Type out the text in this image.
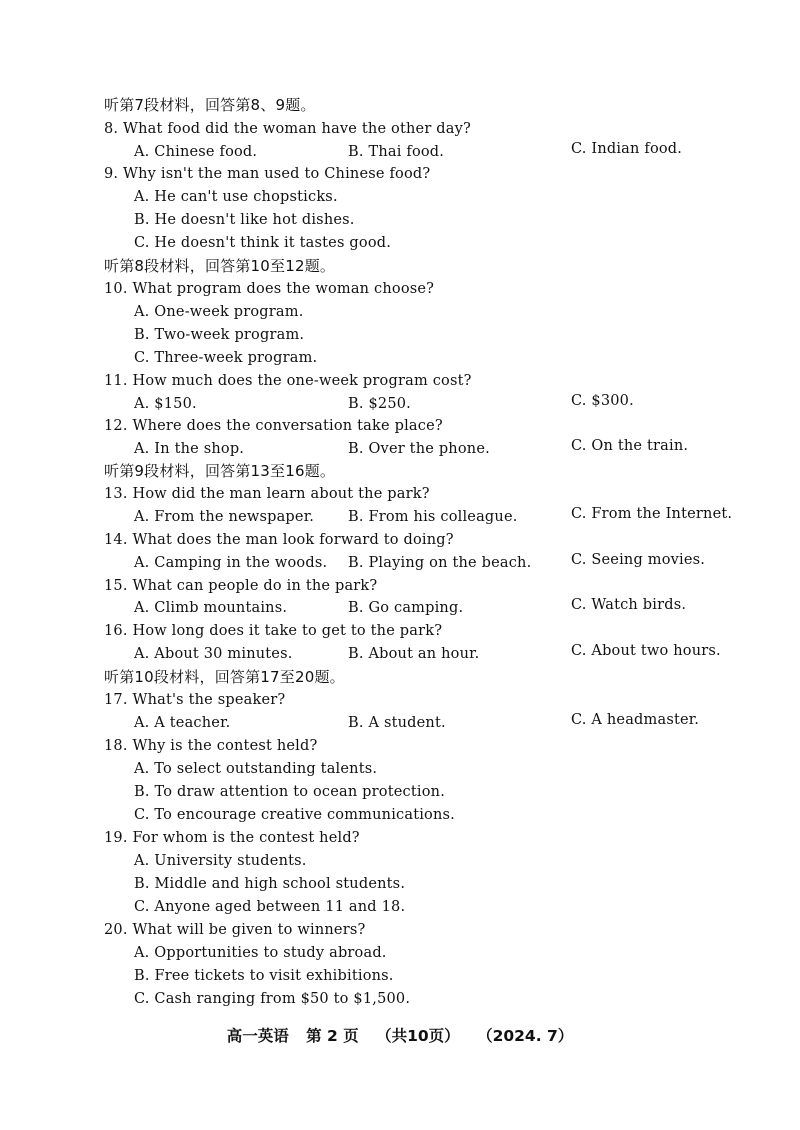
听第7段材料，回答第8、9题。
8. What food did the woman have the other day?
A. Chinese food.	B. Thai food.	C. Indian food.
9. Why isn't the man used to Chinese food?
A. He can't use chopsticks.
B. He doesn't like hot dishes.
C. He doesn't think it tastes good.
听第8段材料，回答第10至12题。
10. What program does the woman choose?
A. One-week program.
B. Two-week program.
C. Three-week program.
11. How much does the one-week program cost?
A. $150.	B. $250.	C. $300.
12. Where does the conversation take place?
A. In the shop.	B. Over the phone.	C. On the train.
听第9段材料，回答第13至16题。
13. How did the man learn about the park?
A. From the newspaper. B. From his colleague.	C. From the Internet.
14. What does the man look forward to doing?
A. Camping in the woods. B. Playing on the beach.	C. Seeing movies.
15. What can people do in the park?
A. Climb mountains.	B. Go camping.	C. Watch birds.
16. How long does it take to get to the park?
A. About 30 minutes.	B. About an hour.	C. About two hours.
听第10段材料，回答第17至20题。
17. What's the speaker?
A. A teacher.	B. A student.	C. A headmaster.
18. Why is the contest held?
A. To select outstanding talents.
B. To draw attention to ocean protection.
C. To encourage creative communications.
19. For whom is the contest held?
A. University students.
B. Middle and high school students.
C. Anyone aged between 11 and 18.
20. What will be given to winners?
A. Opportunities to study abroad.
B. Free tickets to visit exhibitions.
C. Cash ranging from $50 to $1,500.
高一英语 第 2 页 （共10页） （2024. 7）
